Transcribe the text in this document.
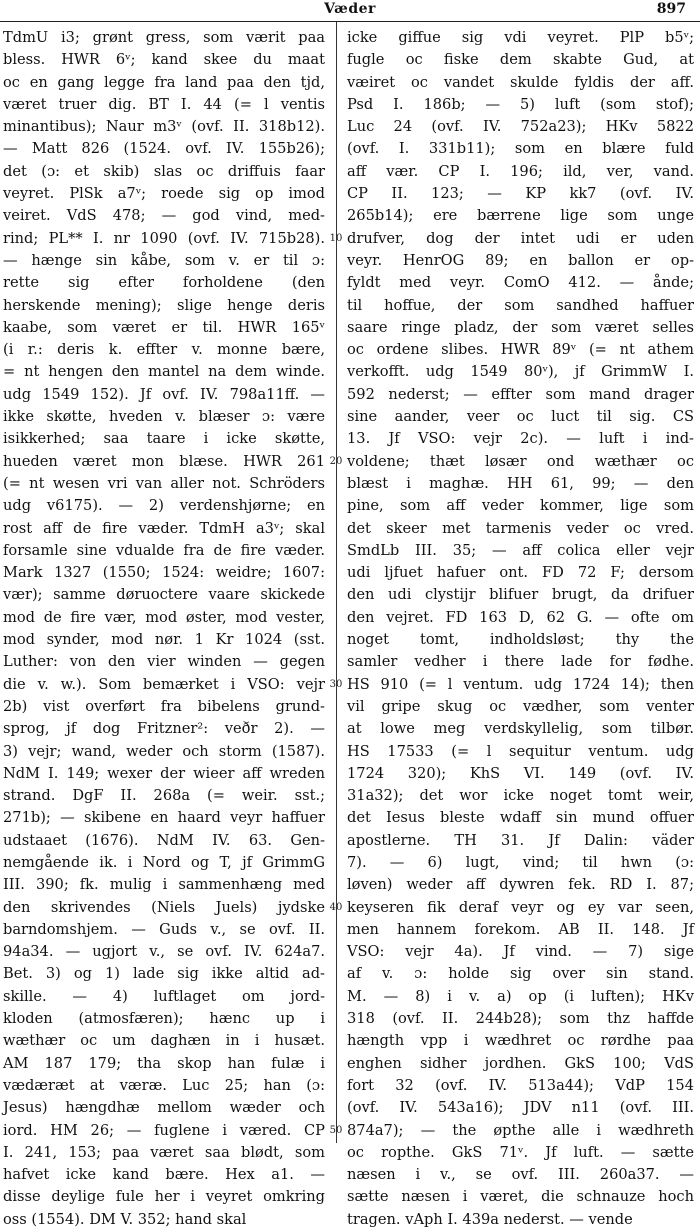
Væder	897
TdmU i3; grønt gress, som værit paa
bless. HWR 6ᵛ; kand skee du maat
oc en gang legge fra land paa den tjd,
været truer dig. BT I. 44 (= l ventis
minantibus); Naur m3ᵛ (ovf. II. 318b12).
— Matt 826 (1524. ovf. IV. 155b26);
det (ɔ: et skib) slas oc driffuis faar
veyret. PlSk a7ᵛ; roede sig op imod
veiret. VdS 478; — god vind, med-
rind; PL** I. nr 1090 (ovf. IV. 715b28).
— hænge sin kåbe, som v. er til ɔ:
rette sig efter forholdene (den
herskende mening); slige henge deris
kaabe, som været er til. HWR 165ᵛ
(i r.: deris k. effter v. monne bære,
= nt hengen den mantel na dem winde.
udg 1549 152). Jf ovf. IV. 798a11ff. —
ikke skøtte, hveden v. blæser ɔ: være
isikkerhed; saa taare i icke skøtte,
hueden været mon blæse. HWR 261
(= nt wesen vri van aller not. Schröders
udg v6175). — 2) verdenshjørne; en
rost aff de fire væder. TdmH a3ᵛ; skal
forsamle sine vdualde fra de fire væder.
Mark 1327 (1550; 1524: weidre; 1607:
vær); samme døruoctere vaare skickede
mod de fire vær, mod øster, mod vester,
mod synder, mod nør. 1 Kr 1024 (sst.
Luther: von den vier winden — gegen
die v. w.). Som bemærket i VSO: vejr
2b) vist overført fra bibelens grund-
sprog, jf dog Fritzner²: veðr 2). —
3) vejr; wand, weder och storm (1587).
NdM I. 149; wexer der wieer aff wreden
strand. DgF II. 268a (= weir. sst.;
271b); — skibene en haard veyr haffuer
udstaaet (1676). NdM IV. 63. Gen-
nemgående ik. i Nord og T, jf GrimmG
III. 390; fk. mulig i sammenhæng med
den skrivendes (Niels Juels) jydske
barndomshjem. — Guds v., se ovf. II.
94a34. — ugjort v., se ovf. IV. 624a7.
Bet. 3) og 1) lade sig ikke altid ad-
skille. — 4) luftlaget om jord-
kloden (atmosfæren); hænc up i
wæthær oc um daghæn in i husæt.
AM 187 179; tha skop han fulæ i
vædæræt at væræ. Luc 25; han (ɔ:
Jesus) hængdhæ mellom wæder och
iord. HM 26; — fuglene i væred. CP
I. 241, 153; paa været saa blødt, som
hafvet icke kand bære. Hex a1. —
disse deylige fule her i veyret omkring
oss (1554). DM V. 352; hand skal
10
20
30
40
50
icke giffue sig vdi veyret. PlP b5ᵛ;
fugle oc fiske dem skabte Gud, at
væiret oc vandet skulde fyldis der aff.
Psd I. 186b; — 5) luft (som stof);
Luc 24 (ovf. IV. 752a23); HKv 5822
(ovf. I. 331b11); som en blære fuld
aff vær. CP I. 196; ild, ver, vand.
CP II. 123; — KP kk7 (ovf. IV.
265b14); ere bærrene lige som unge
drufver, dog der intet udi er uden
veyr. HenrOG 89; en ballon er op-
fyldt med veyr. ComO 412. — ånde;
til hoffue, der som sandhed haffuer
saare ringe pladz, der som været selles
oc ordene slibes. HWR 89ᵛ (= nt athem
verkofft. udg 1549 80ᵛ), jf GrimmW I.
592 nederst; — effter som mand drager
sine aander, veer oc luct til sig. CS
13. Jf VSO: vejr 2c). — luft i ind-
voldene; thæt løsær ond wæthær oc
blæst i maghæ. HH 61, 99; — den
pine, som aff veder kommer, lige som
det skeer met tarmenis veder oc vred.
SmdLb III. 35; — aff colica eller vejr
udi ljfuet hafuer ont. FD 72 F; dersom
den udi clystijr blifuer brugt, da drifuer
den vejret. FD 163 D, 62 G. — ofte om
noget tomt, indholdsløst; thy the
samler vedher i there lade for fødhe.
HS 910 (= l ventum. udg 1724 14); then
vil gripe skug oc vædher, som venter
at lowe meg verdskyllelig, som tilbør.
HS 17533 (= l sequitur ventum. udg
1724 320); KhS VI. 149 (ovf. IV.
31a32); det wor icke noget tomt weir,
det Iesus bleste wdaff sin mund offuer
apostlerne. TH 31. Jf Dalin: väder
7). — 6) lugt, vind; til hwn (ɔ:
løven) weder aff dywren fek. RD I. 87;
keyseren fik deraf veyr og ey var seen,
men hannem forekom. AB II. 148. Jf
VSO: vejr 4a). Jf vind. — 7) sige
af v. ɔ: holde sig over sin stand.
M. — 8) i v. a) op (i luften); HKv
318 (ovf. II. 244b28); som thz haffde
hængth vpp i wædhret oc rørdhe paa
enghen sidher jordhen. GkS 100; VdS
fort 32 (ovf. IV. 513a44); VdP 154
(ovf. IV. 543a16); JDV n11 (ovf. III.
874a7); — the øpthe alle i wædhreth
oc ropthe. GkS 71ᵛ. Jf luft. — sætte
næsen i v., se ovf. III. 260a37. —
sætte næsen i været, die schnauze hoch
tragen. vAph I. 439a nederst. — vende
